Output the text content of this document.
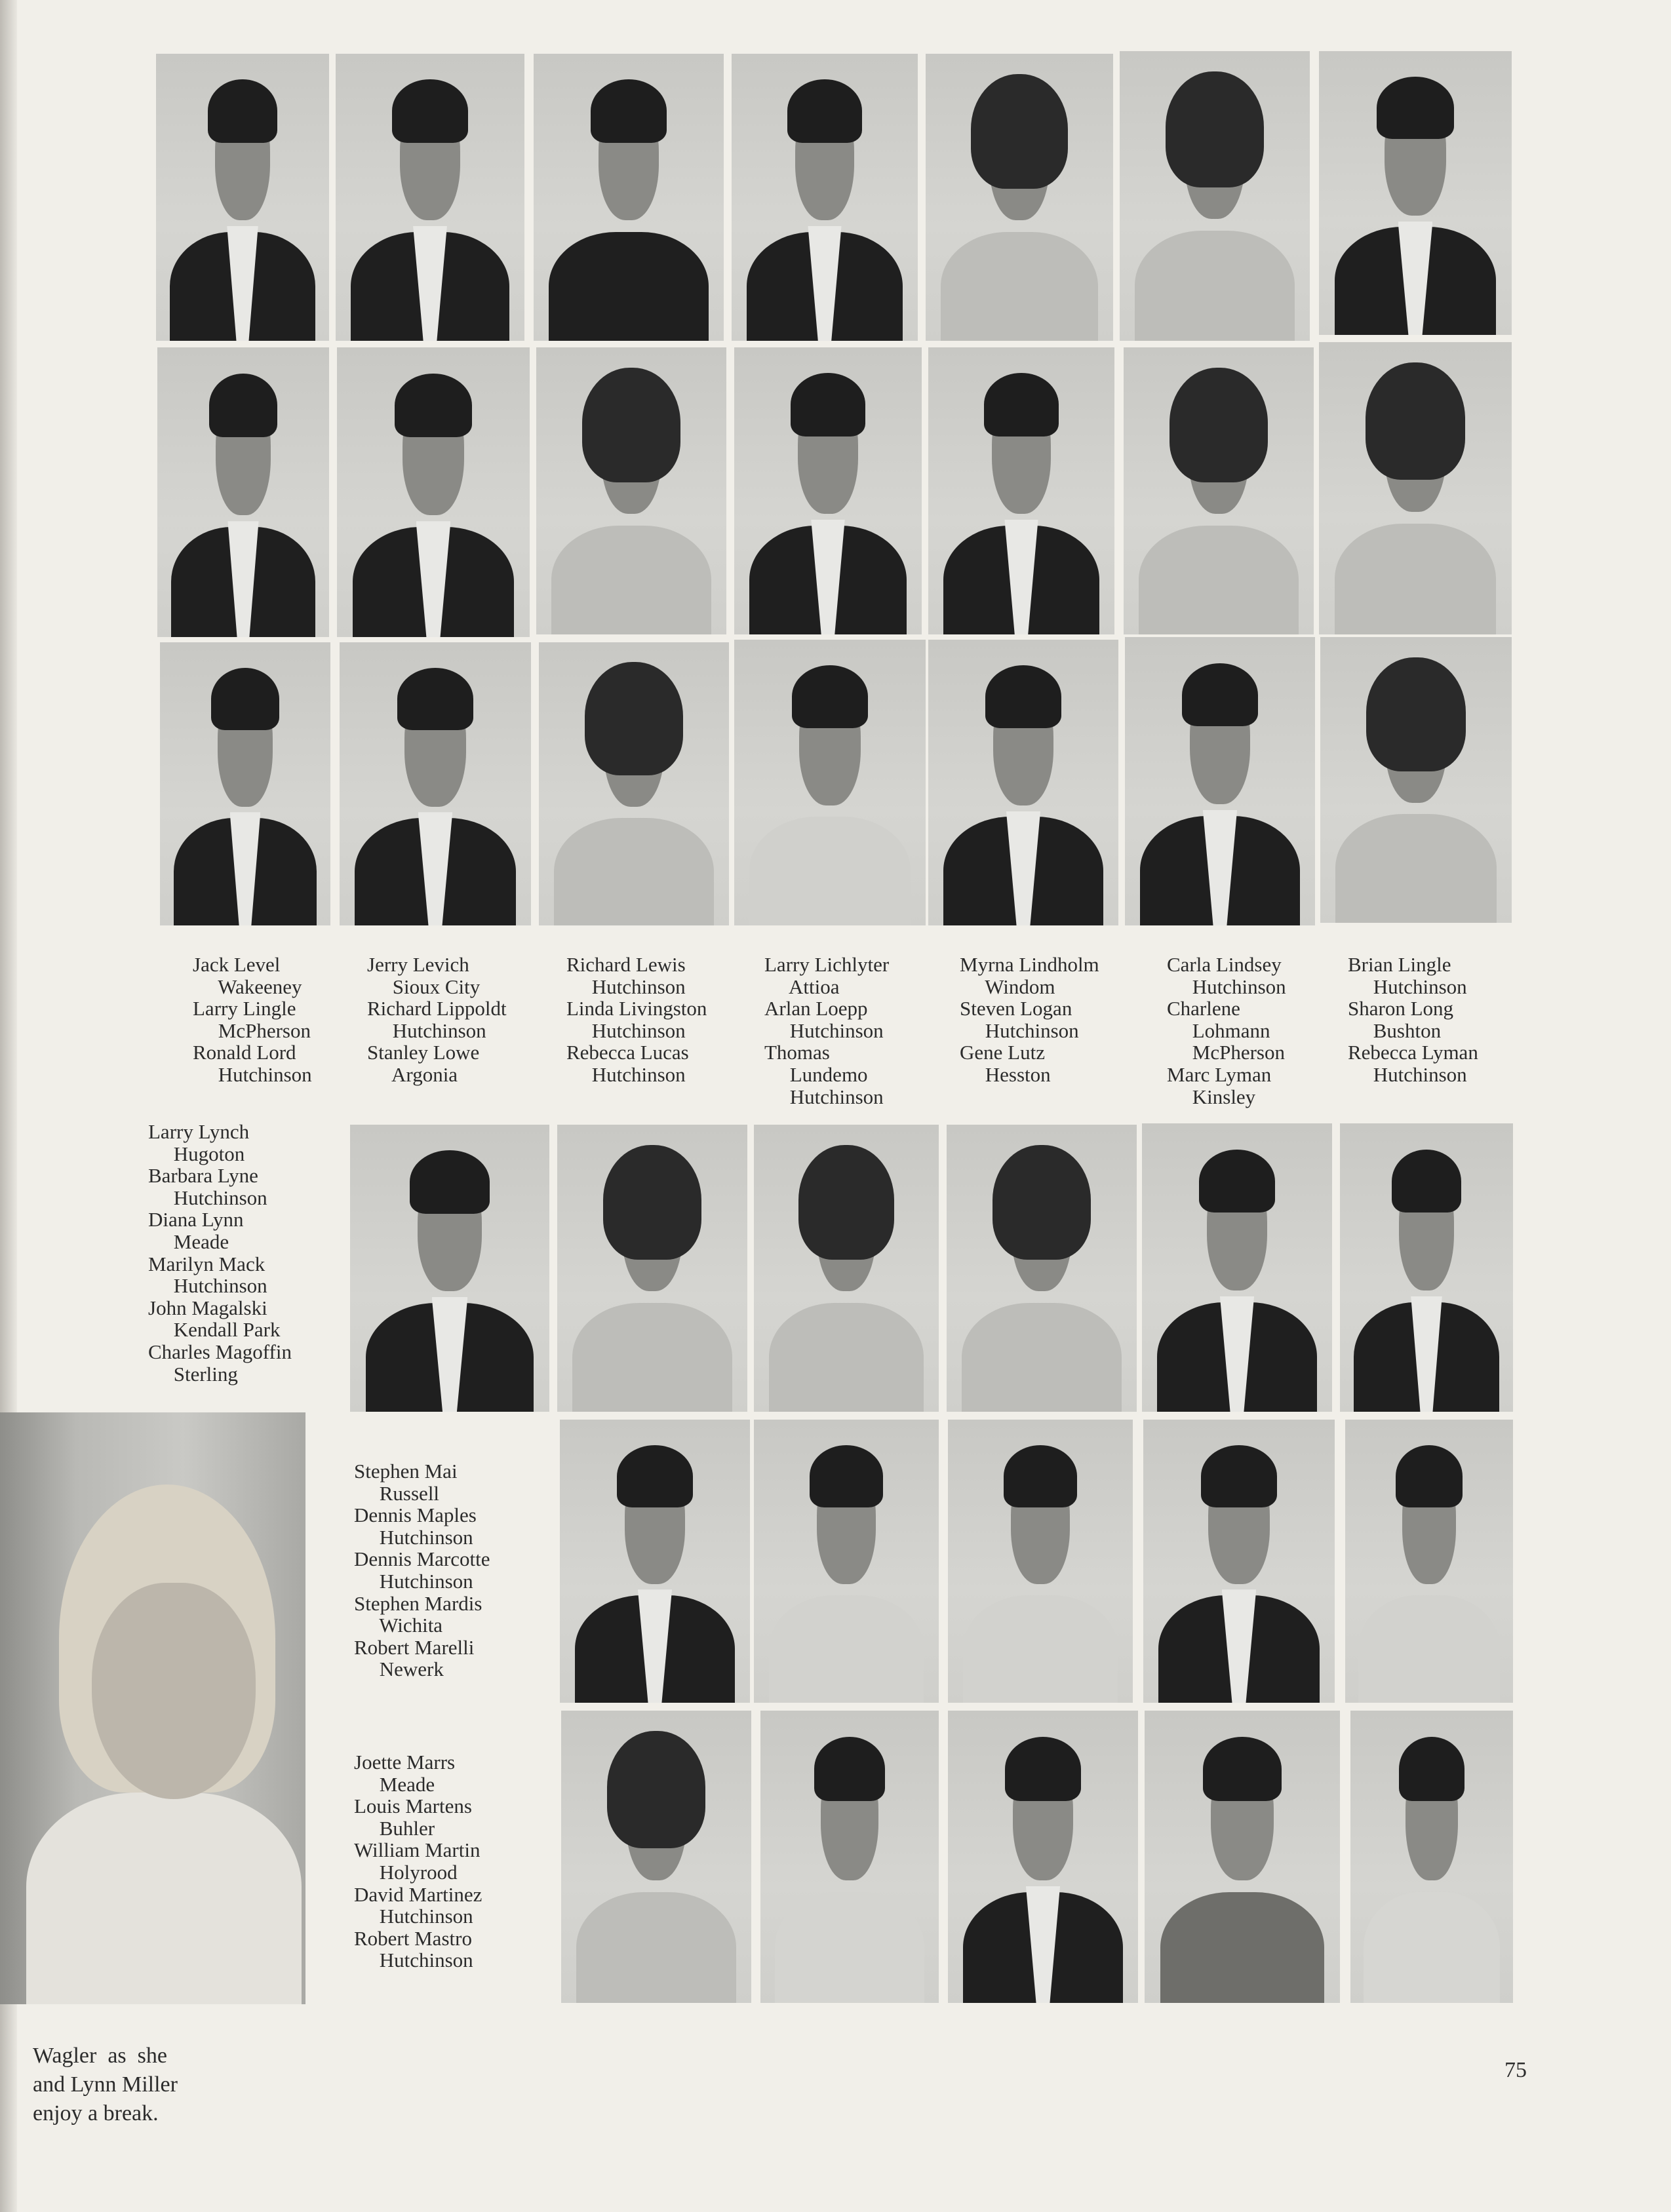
Jack Level
Wakeeney
Larry Lingle
McPherson
Ronald Lord
Hutchinson
Jerry Levich
Sioux City
Richard Lippoldt
Hutchinson
Stanley Lowe
Argonia
Richard Lewis
Hutchinson
Linda Livingston
Hutchinson
Rebecca Lucas
Hutchinson
Larry Lichlyter
Attioa
Arlan Loepp
Hutchinson
Thomas
Lundemo
Hutchinson
Myrna Lindholm
Windom
Steven Logan
Hutchinson
Gene Lutz
Hesston
Carla Lindsey
Hutchinson
Charlene
Lohmann
McPherson
Marc Lyman
Kinsley
Brian Lingle
Hutchinson
Sharon Long
Bushton
Rebecca Lyman
Hutchinson
Larry Lynch
Hugoton
Barbara Lyne
Hutchinson
Diana Lynn
Meade
Marilyn Mack
Hutchinson
John Magalski
Kendall Park
Charles Magoffin
Sterling
Stephen Mai
Russell
Dennis Maples
Hutchinson
Dennis Marcotte
Hutchinson
Stephen Mardis
Wichita
Robert Marelli
Newerk
Joette Marrs
Meade
Louis Martens
Buhler
William Martin
Holyrood
David Martinez
Hutchinson
Robert Mastro
Hutchinson
Wagler  as  she
and Lynn Miller
enjoy a break.
75
